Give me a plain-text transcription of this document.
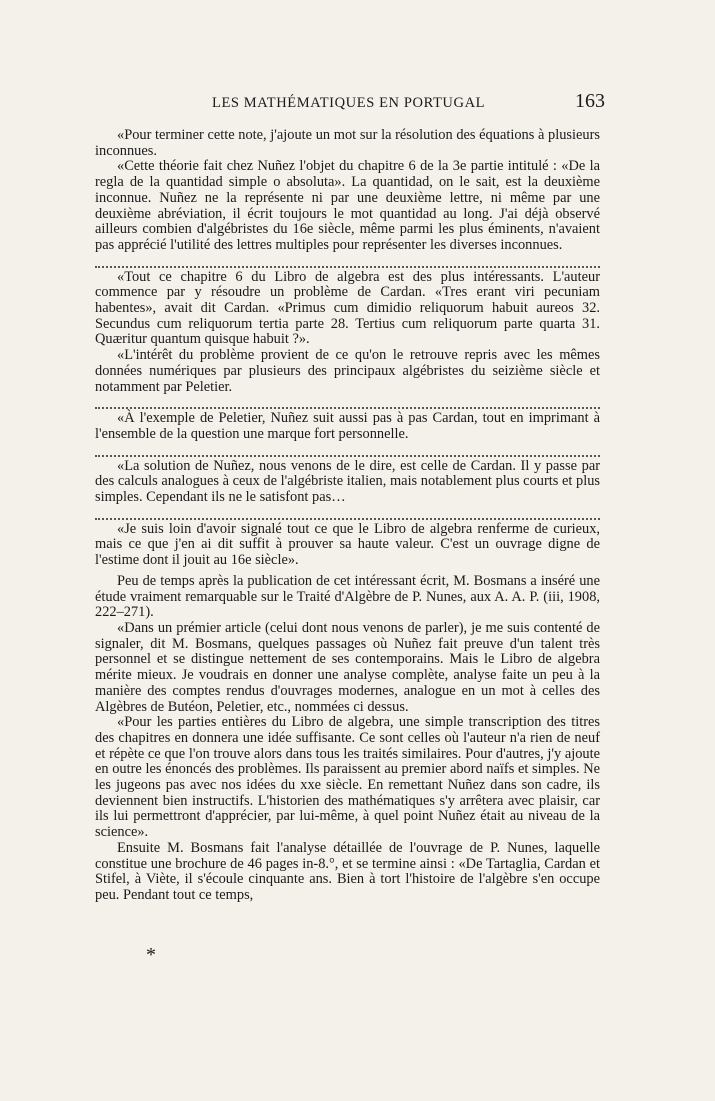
LES MATHÉMATIQUES EN PORTUGAL	163

«Pour terminer cette note, j'ajoute un mot sur la résolution des équations à plusieurs inconnues.

«Cette théorie fait chez Nuñez l'objet du chapitre 6 de la 3e partie intitulé : «De la regla de la quantidad simple o absoluta». La quantidad, on le sait, est la deuxième inconnue. Nuñez ne la représente ni par une deuxième lettre, ni même par une deuxième abréviation, il écrit toujours le mot quantidad au long. J'ai déjà observé ailleurs combien d'algébristes du 16e siècle, même parmi les plus éminents, n'avaient pas apprécié l'utilité des lettres multiples pour représenter les diverses inconnues.

«Tout ce chapitre 6 du Libro de algebra est des plus intéressants. L'auteur commence par y résoudre un problème de Cardan. «Tres erant viri pecuniam habentes», avait dit Cardan. «Primus cum dimidio reliquorum habuit aureos 32. Secundus cum reliquorum tertia parte 28. Tertius cum reliquorum parte quarta 31. Quæritur quantum quisque habuit ?».

«L'intérêt du problème provient de ce qu'on le retrouve repris avec les mêmes données numériques par plusieurs des principaux algébristes du seizième siècle et notamment par Peletier.

«À l'exemple de Peletier, Nuñez suit aussi pas à pas Cardan, tout en imprimant à l'ensemble de la question une marque fort personnelle.

«La solution de Nuñez, nous venons de le dire, est celle de Cardan. Il y passe par des calculs analogues à ceux de l'algébriste italien, mais notablement plus courts et plus simples. Cependant ils ne le satisfont pas…

«Je suis loin d'avoir signalé tout ce que le Libro de algebra renferme de curieux, mais ce que j'en ai dit suffit à prouver sa haute valeur. C'est un ouvrage digne de l'estime dont il jouit au 16e siècle».

Peu de temps après la publication de cet intéressant écrit, M. Bosmans a inséré une étude vraiment remarquable sur le Traité d'Algèbre de P. Nunes, aux A. A. P. (iii, 1908, 222–271).

«Dans un prémier article (celui dont nous venons de parler), je me suis contenté de signaler, dit M. Bosmans, quelques passages où Nuñez fait preuve d'un talent très personnel et se distingue nettement de ses contemporains. Mais le Libro de algebra mérite mieux. Je voudrais en donner une analyse complète, analyse faite un peu à la manière des comptes rendus d'ouvrages modernes, analogue en un mot à celles des Algèbres de Butéon, Peletier, etc., nommées ci dessus.

«Pour les parties entières du Libro de algebra, une simple transcription des titres des chapitres en donnera une idée suffisante. Ce sont celles où l'auteur n'a rien de neuf et répète ce que l'on trouve alors dans tous les traités similaires. Pour d'autres, j'y ajoute en outre les énoncés des problèmes. Ils paraissent au premier abord naïfs et simples. Ne les jugeons pas avec nos idées du xxe siècle. En remettant Nuñez dans son cadre, ils deviennent bien instructifs. L'historien des mathématiques s'y arrêtera avec plaisir, car ils lui permettront d'apprécier, par lui-même, à quel point Nuñez était au niveau de la science».

Ensuite M. Bosmans fait l'analyse détaillée de l'ouvrage de P. Nunes, laquelle constitue une brochure de 46 pages in-8.°, et se termine ainsi : «De Tartaglia, Cardan et Stifel, à Viète, il s'écoule cinquante ans. Bien à tort l'histoire de l'algèbre s'en occupe peu. Pendant tout ce temps,

*
